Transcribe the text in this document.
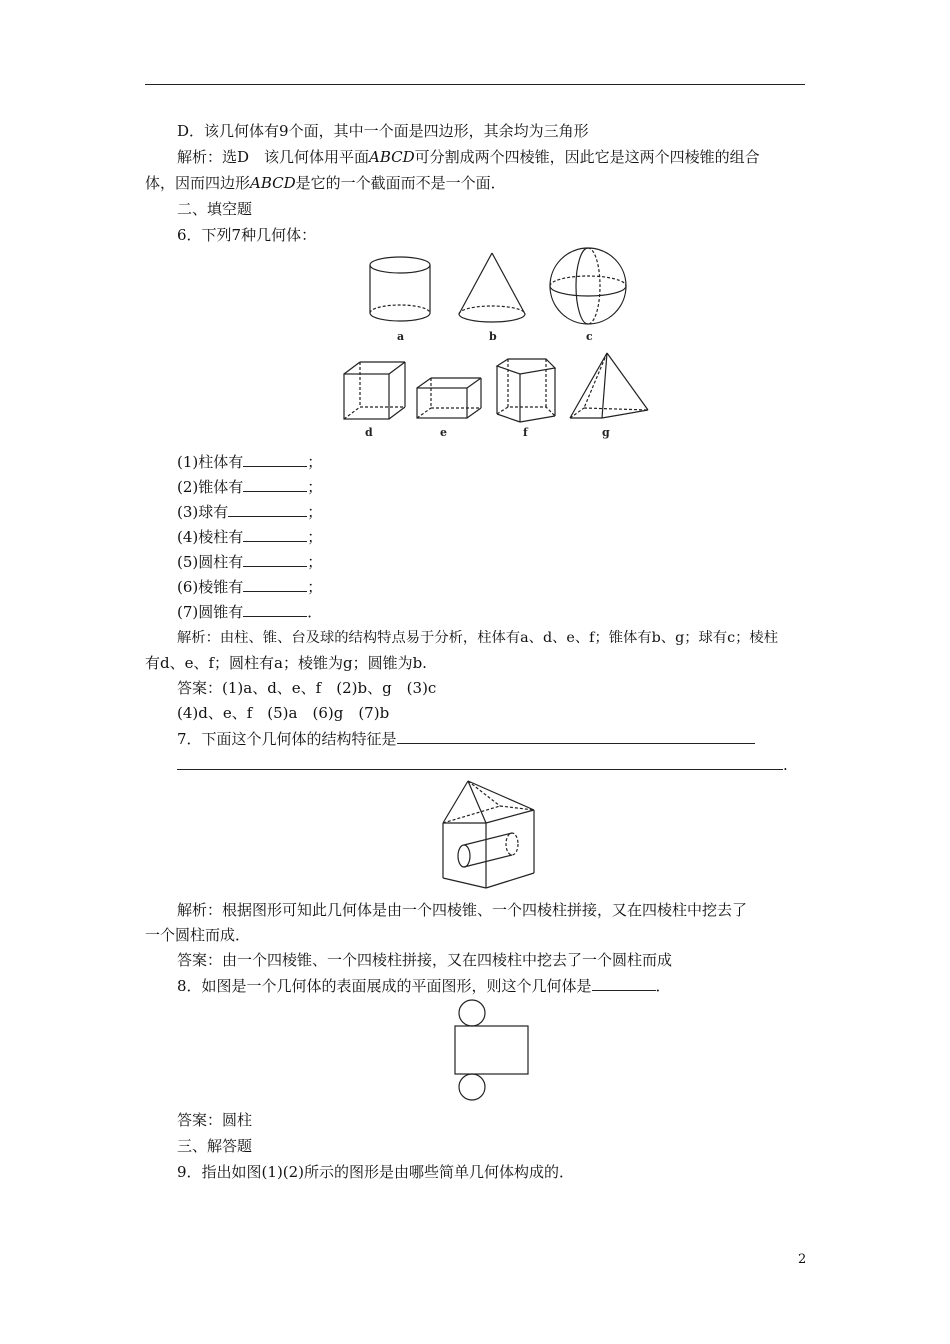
D．该几何体有9个面，其中一个面是四边形，其余均为三角形
解析：选D　该几何体用平面ABCD可分割成两个四棱锥，因此它是这两个四棱锥的组合
体，因而四边形ABCD是它的一个截面而不是一个面．
二、填空题
6．下列7种几何体：
a	b	c
d	e	f	g
(1)柱体有	；
(2)锥体有	；
(3)球有	；
(4)棱柱有	；
(5)圆柱有	；
(6)棱锥有	；
(7)圆锥有	．
解析：由柱、锥、台及球的结构特点易于分析，柱体有a、d、e、f；锥体有b、g；球有c；棱柱
有d、e、f；圆柱有a；棱锥为g；圆锥为b.
答案：(1)a、d、e、f　(2)b、g　(3)c
(4)d、e、f　(5)a　(6)g　(7)b
7．下面这个几何体的结构特征是
.
解析：根据图形可知此几何体是由一个四棱锥、一个四棱柱拼接，又在四棱柱中挖去了
一个圆柱而成．
答案：由一个四棱锥、一个四棱柱拼接，又在四棱柱中挖去了一个圆柱而成
8．如图是一个几何体的表面展成的平面图形，则这个几何体是	．
答案：圆柱
三、解答题
9．指出如图(1)(2)所示的图形是由哪些简单几何体构成的．
2
